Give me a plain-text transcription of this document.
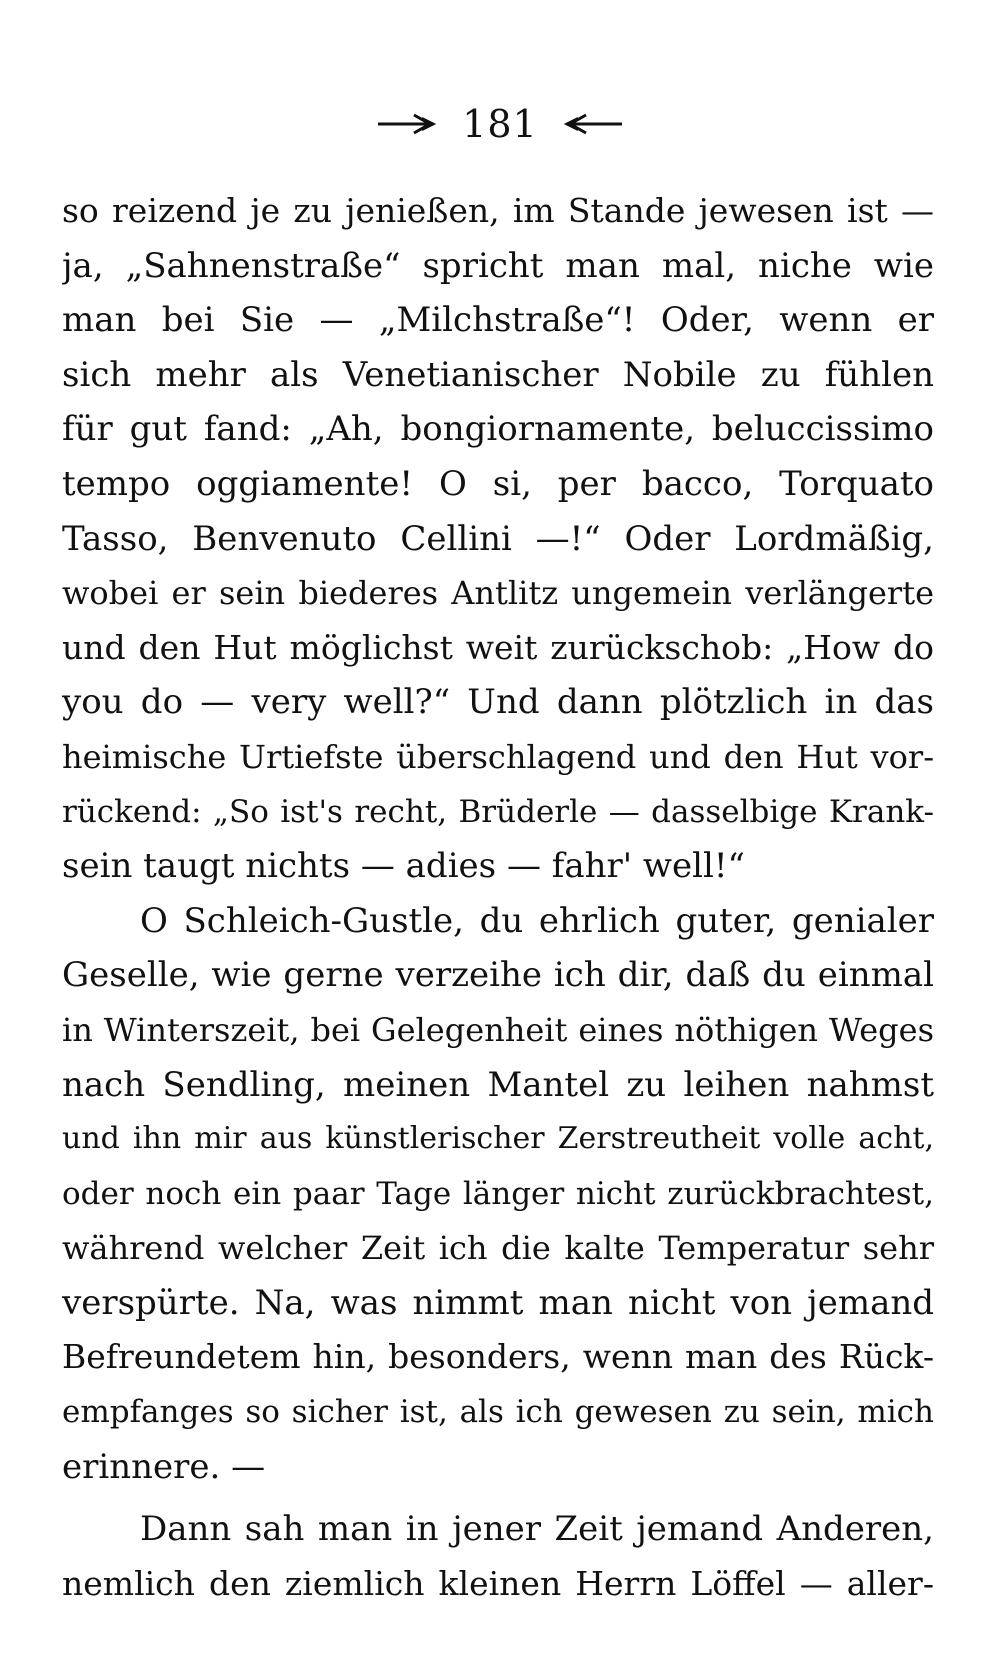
181
so reizend je zu jenießen, im Stande jewesen ist —
ja, „Sahnenstraße“ spricht man mal, niche wie
man bei Sie — „Milchstraße“! Oder, wenn er
sich mehr als Venetianischer Nobile zu fühlen
für gut fand: „Ah, bongiornamente, beluccissimo
tempo oggiamente! O si, per bacco, Torquato
Tasso, Benvenuto Cellini —!“ Oder Lordmäßig,
wobei er sein biederes Antlitz ungemein verlängerte
und den Hut möglichst weit zurückschob: „How do
you do — very well?“ Und dann plötzlich in das
heimische Urtiefste überschlagend und den Hut vor-
rückend: „So ist's recht, Brüderle — dasselbige Krank-
sein taugt nichts — adies — fahr' well!“
O Schleich-Gustle, du ehrlich guter, genialer
Geselle, wie gerne verzeihe ich dir, daß du einmal
in Winterszeit, bei Gelegenheit eines nöthigen Weges
nach Sendling, meinen Mantel zu leihen nahmst
und ihn mir aus künstlerischer Zerstreutheit volle acht,
oder noch ein paar Tage länger nicht zurückbrachtest,
während welcher Zeit ich die kalte Temperatur sehr
verspürte. Na, was nimmt man nicht von jemand
Befreundetem hin, besonders, wenn man des Rück-
empfanges so sicher ist, als ich gewesen zu sein, mich
erinnere. —
Dann sah man in jener Zeit jemand Anderen,
nemlich den ziemlich kleinen Herrn Löffel — aller-
